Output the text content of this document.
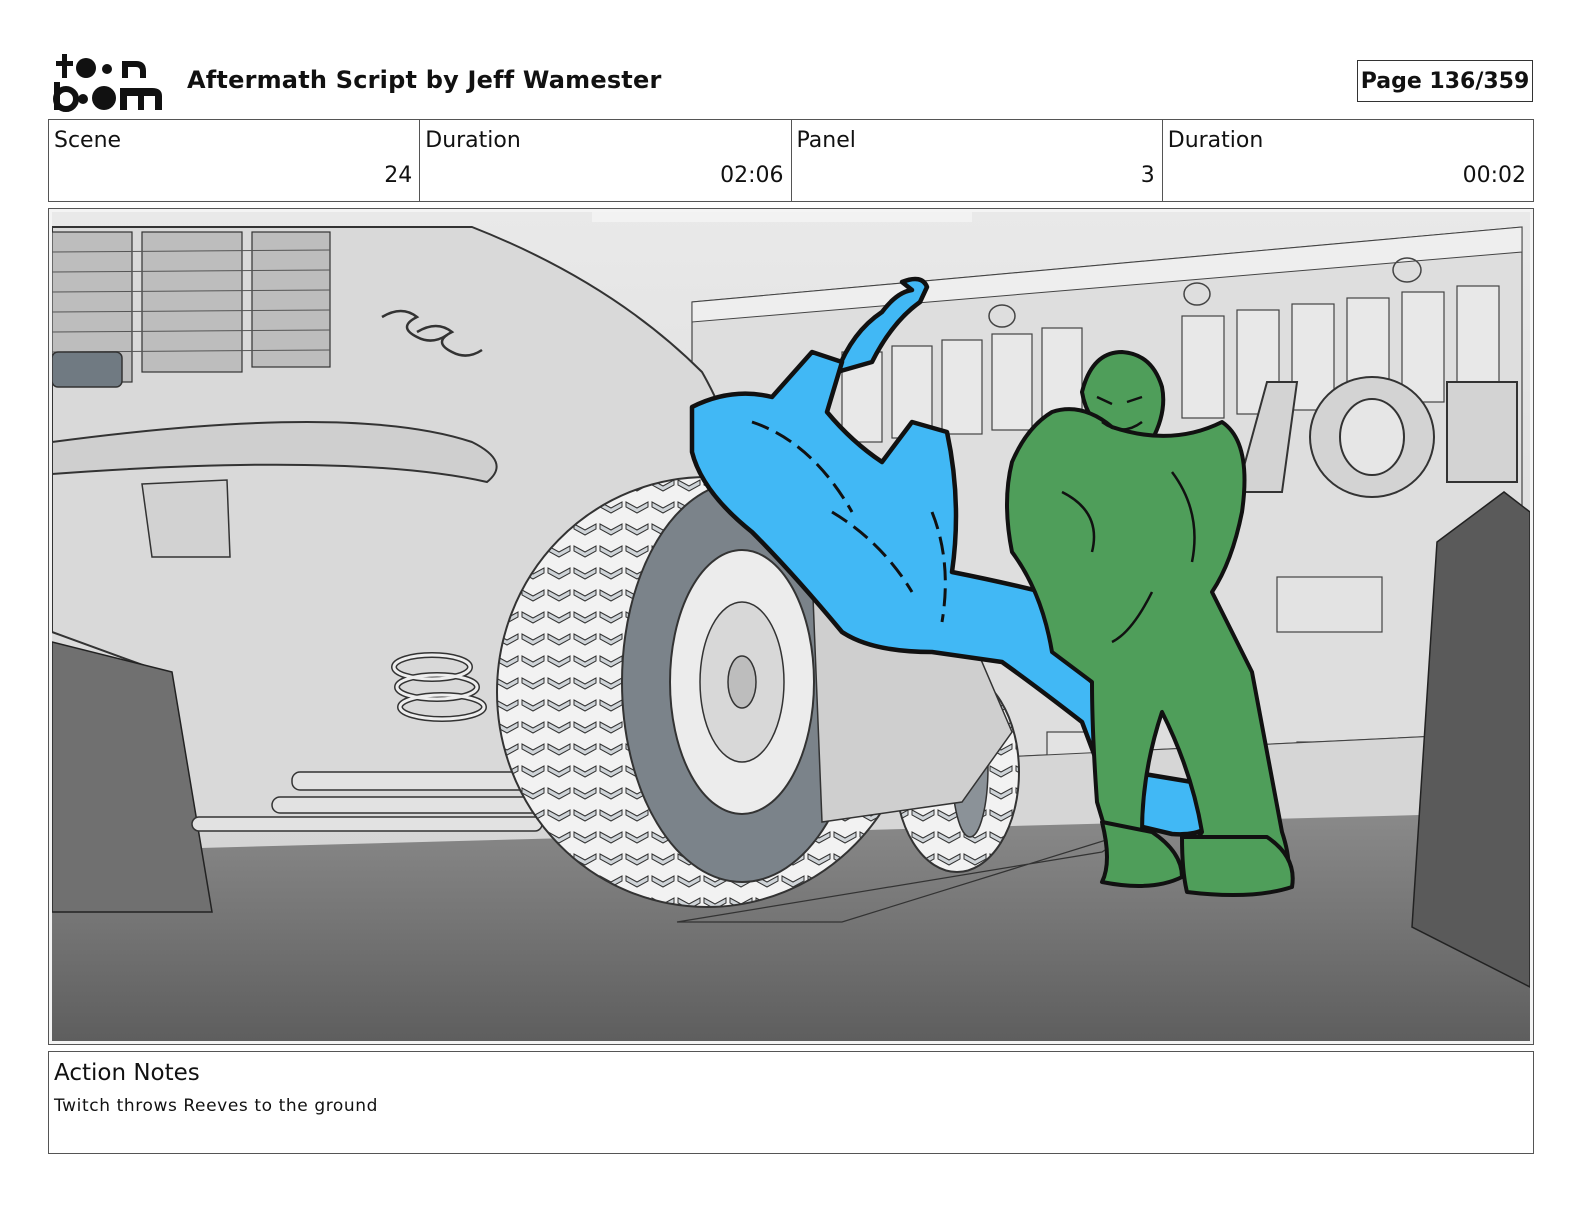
Aftermath Script by Jeff Wamester	Page 136/359
Scene
24
Duration
02:06
Panel
3
Duration
00:02
Action Notes
Twitch throws Reeves to the ground
